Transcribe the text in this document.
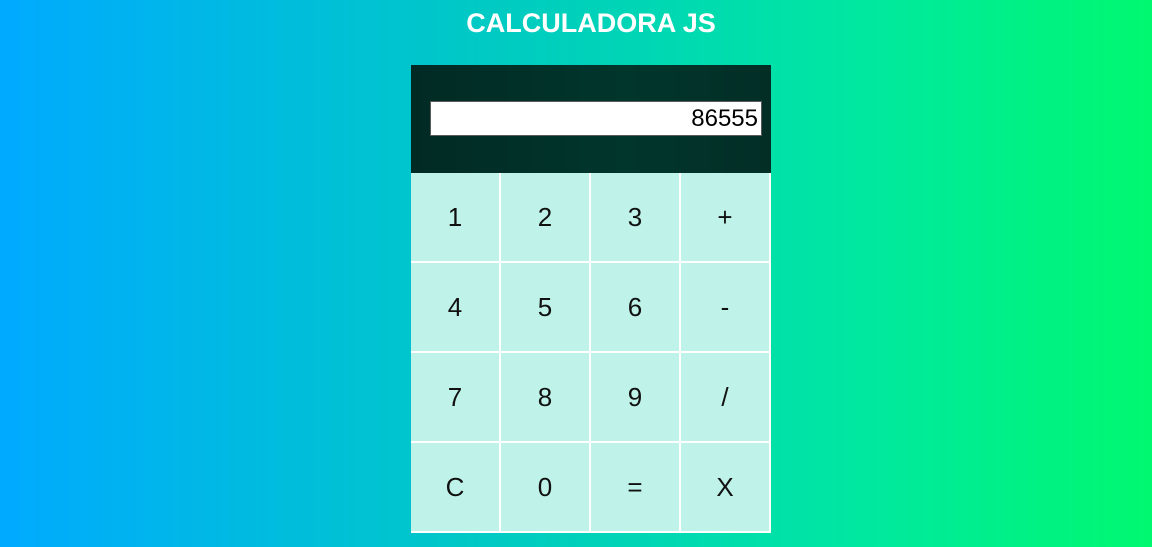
CALCULADORA JS
86555
1	2	3	+
4	5	6	-
7	8	9	/
C	0	=	X
